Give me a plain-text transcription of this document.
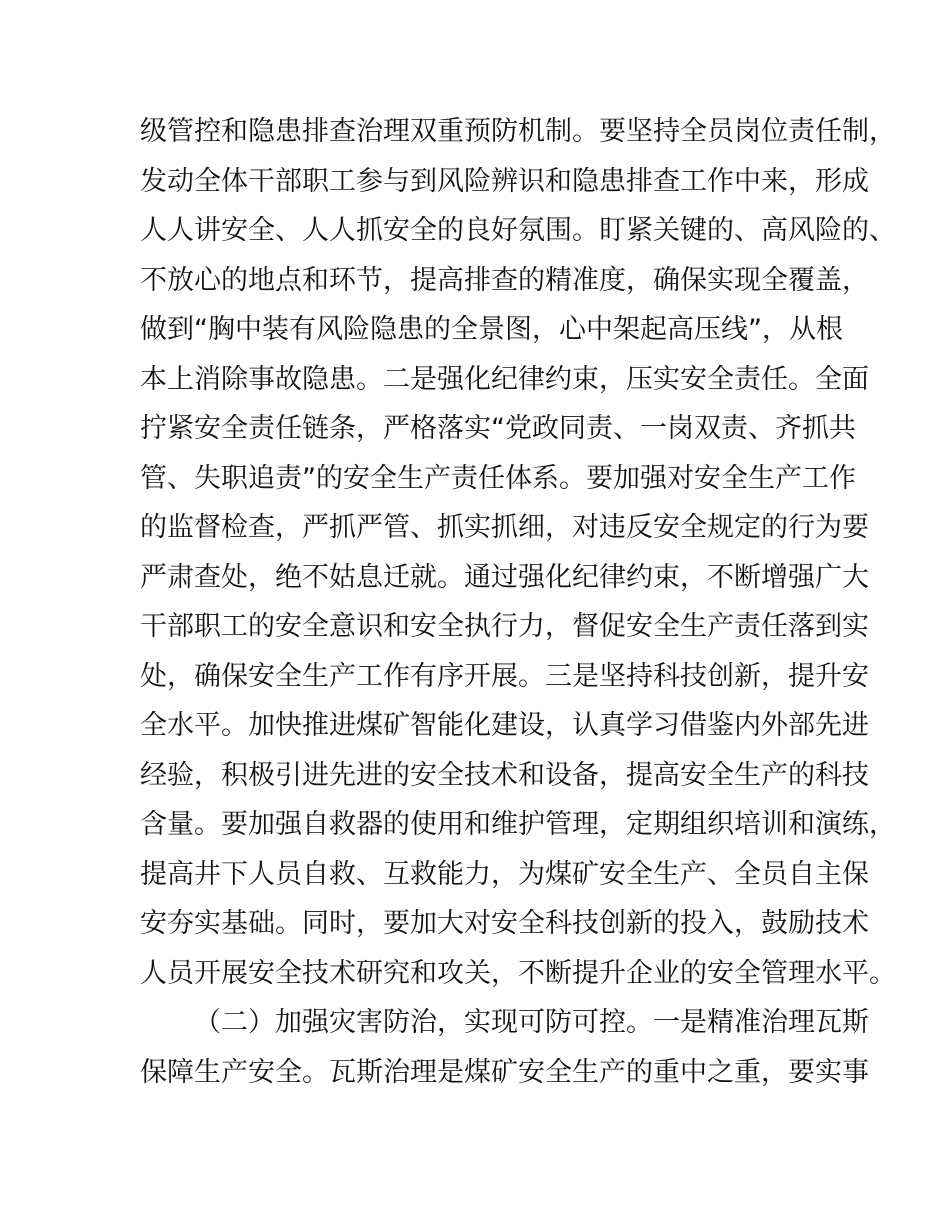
级管控和隐患排查治理双重预防机制。要坚持全员岗位责任制，
发动全体干部职工参与到风险辨识和隐患排查工作中来，形成
人人讲安全、人人抓安全的良好氛围。盯紧关键的、高风险的、
不放心的地点和环节，提高排查的精准度，确保实现全覆盖，
做到“胸中装有风险隐患的全景图，心中架起高压线”，从根
本上消除事故隐患。二是强化纪律约束，压实安全责任。全面
拧紧安全责任链条，严格落实“党政同责、一岗双责、齐抓共
管、失职追责”的安全生产责任体系。要加强对安全生产工作
的监督检查，严抓严管、抓实抓细，对违反安全规定的行为要
严肃查处，绝不姑息迁就。通过强化纪律约束，不断增强广大
干部职工的安全意识和安全执行力，督促安全生产责任落到实
处，确保安全生产工作有序开展。三是坚持科技创新，提升安
全水平。加快推进煤矿智能化建设，认真学习借鉴内外部先进
经验，积极引进先进的安全技术和设备，提高安全生产的科技
含量。要加强自救器的使用和维护管理，定期组织培训和演练，
提高井下人员自救、互救能力，为煤矿安全生产、全员自主保
安夯实基础。同时，要加大对安全科技创新的投入，鼓励技术
人员开展安全技术研究和攻关，不断提升企业的安全管理水平。
（二）加强灾害防治，实现可防可控。一是精准治理瓦斯
保障生产安全。瓦斯治理是煤矿安全生产的重中之重，要实事
